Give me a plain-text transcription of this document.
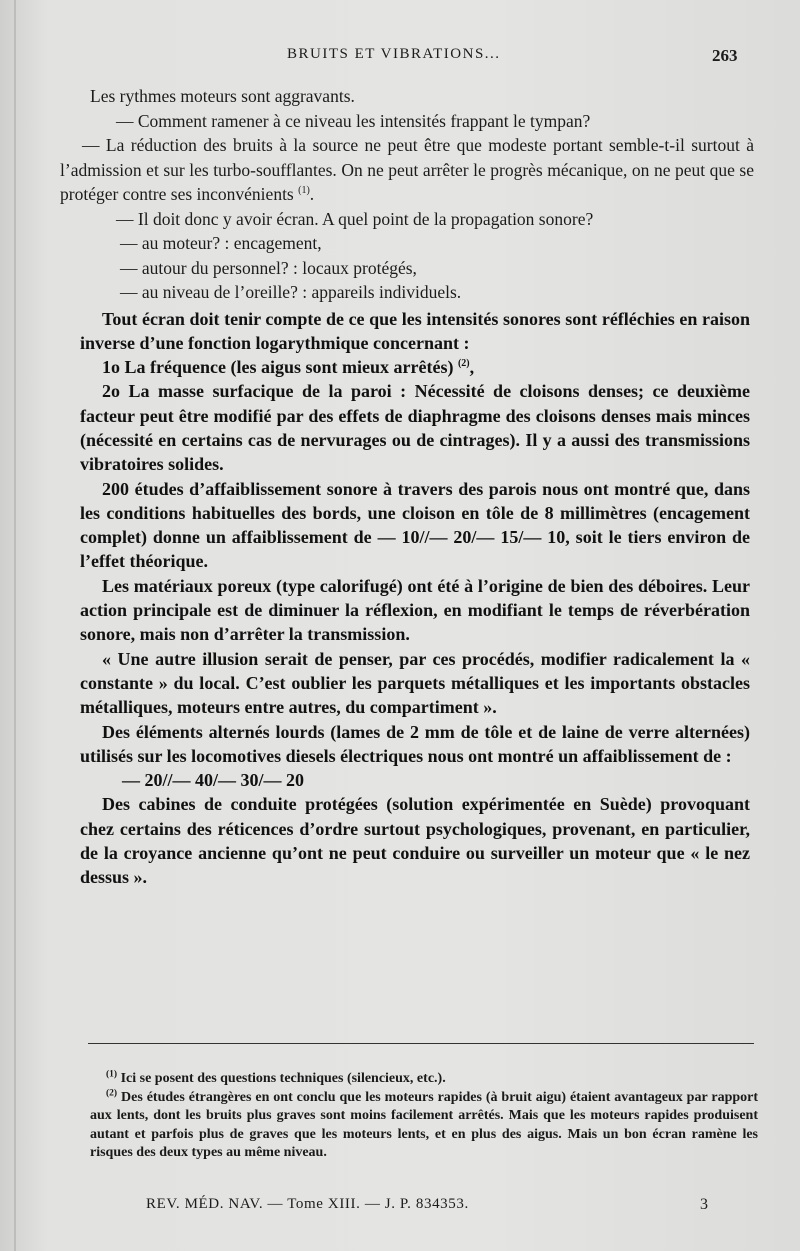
BRUITS ET VIBRATIONS...	263

Les rythmes moteurs sont aggravants.

— Comment ramener à ce niveau les intensités frappant le tympan?

— La réduction des bruits à la source ne peut être que modeste portant semble-t-il surtout à l’admission et sur les turbo-soufflantes. On ne peut arrêter le progrès mécanique, on ne peut que se protéger contre ses inconvénients $^{(1)}$.

— Il doit donc y avoir écran. A quel point de la propagation sonore?

— au moteur? : encagement,

— autour du personnel? : locaux protégés,

— au niveau de l’oreille? : appareils individuels.

Tout écran doit tenir compte de ce que les intensités sonores sont réfléchies en raison inverse d’une fonction logarythmique concernant :

1o La fréquence (les aigus sont mieux arrêtés) $^{(2)}$,

2o La masse surfacique de la paroi : Nécessité de cloisons denses; ce deuxième facteur peut être modifié par des effets de diaphragme des cloisons denses mais minces (nécessité en certains cas de nervurages ou de cintrages). Il y a aussi des transmissions vibratoires solides.

200 études d’affaiblissement sonore à travers des parois nous ont montré que, dans les conditions habituelles des bords, une cloison en tôle de 8 millimètres (encagement complet) donne un affaiblissement de — 10//— 20/— 15/— 10, soit le tiers environ de l’effet théorique.

Les matériaux poreux (type calorifugé) ont été à l’origine de bien des déboires. Leur action principale est de diminuer la réflexion, en modifiant le temps de réverbération sonore, mais non d’arrêter la transmission.

« Une autre illusion serait de penser, par ces procédés, modifier radicalement la « constante » du local. C’est oublier les parquets métalliques et les importants obstacles métalliques, moteurs entre autres, du compartiment ».

Des éléments alternés lourds (lames de 2 mm de tôle et de laine de verre alternées) utilisés sur les locomotives diesels électriques nous ont montré un affaiblissement de :

— 20//— 40/— 30/— 20

Des cabines de conduite protégées (solution expérimentée en Suède) provoquant chez certains des réticences d’ordre surtout psychologiques, provenant, en particulier, de la croyance ancienne qu’ont ne peut conduire ou surveiller un moteur que « le nez dessus ».

$^{(1)}$ Ici se posent des questions techniques (silencieux, etc.).

$^{(2)}$ Des études étrangères en ont conclu que les moteurs rapides (à bruit aigu) étaient avantageux par rapport aux lents, dont les bruits plus graves sont moins facilement arrêtés. Mais que les moteurs rapides produisent autant et parfois plus de graves que les moteurs lents, et en plus des aigus. Mais un bon écran ramène les risques des deux types au même niveau.

REV. MÉD. NAV. — Tome XIII. — J. P. 834353.	3
